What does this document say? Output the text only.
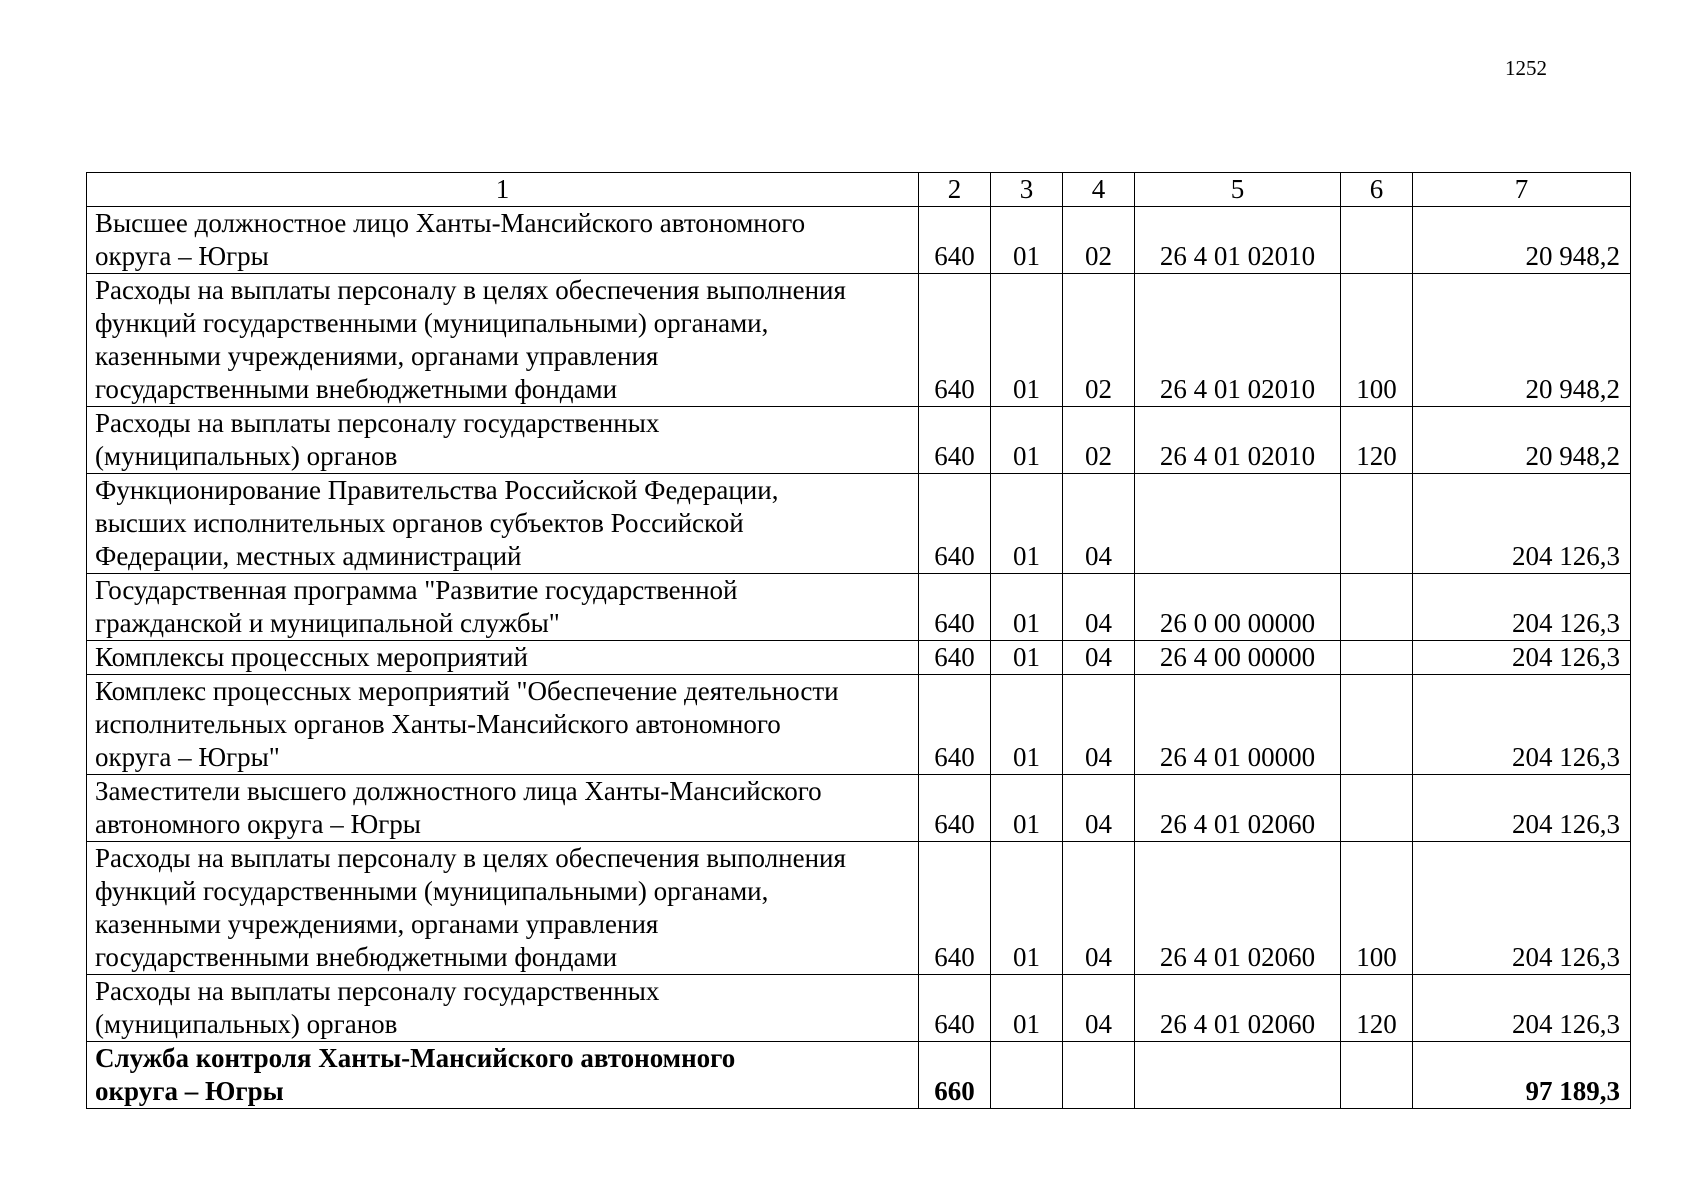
1252
1	2	3	4	5	6	7

Высшее должностное лицо Ханты-Мансийского автономного
округа – Югры	640	01	02	26 4 01 02010		20 948,2

Расходы на выплаты персоналу в целях обеспечения выполнения
функций государственными (муниципальными) органами,
казенными учреждениями, органами управления
государственными внебюджетными фондами	640	01	02	26 4 01 02010	100	20 948,2

Расходы на выплаты персоналу государственных
(муниципальных) органов	640	01	02	26 4 01 02010	120	20 948,2

Функционирование Правительства Российской Федерации,
высших исполнительных органов субъектов Российской
Федерации, местных администраций	640	01	04			204 126,3

Государственная программа "Развитие государственной
гражданской и муниципальной службы"	640	01	04	26 0 00 00000		204 126,3

Комплексы процессных мероприятий	640	01	04	26 4 00 00000		204 126,3

Комплекс процессных мероприятий "Обеспечение деятельности
исполнительных органов Ханты-Мансийского автономного
округа – Югры"	640	01	04	26 4 01 00000		204 126,3

Заместители высшего должностного лица Ханты-Мансийского
автономного округа – Югры	640	01	04	26 4 01 02060		204 126,3

Расходы на выплаты персоналу в целях обеспечения выполнения
функций государственными (муниципальными) органами,
казенными учреждениями, органами управления
государственными внебюджетными фондами	640	01	04	26 4 01 02060	100	204 126,3

Расходы на выплаты персоналу государственных
(муниципальных) органов	640	01	04	26 4 01 02060	120	204 126,3

Служба контроля Ханты-Мансийского автономного
округа – Югры	660					97 189,3
